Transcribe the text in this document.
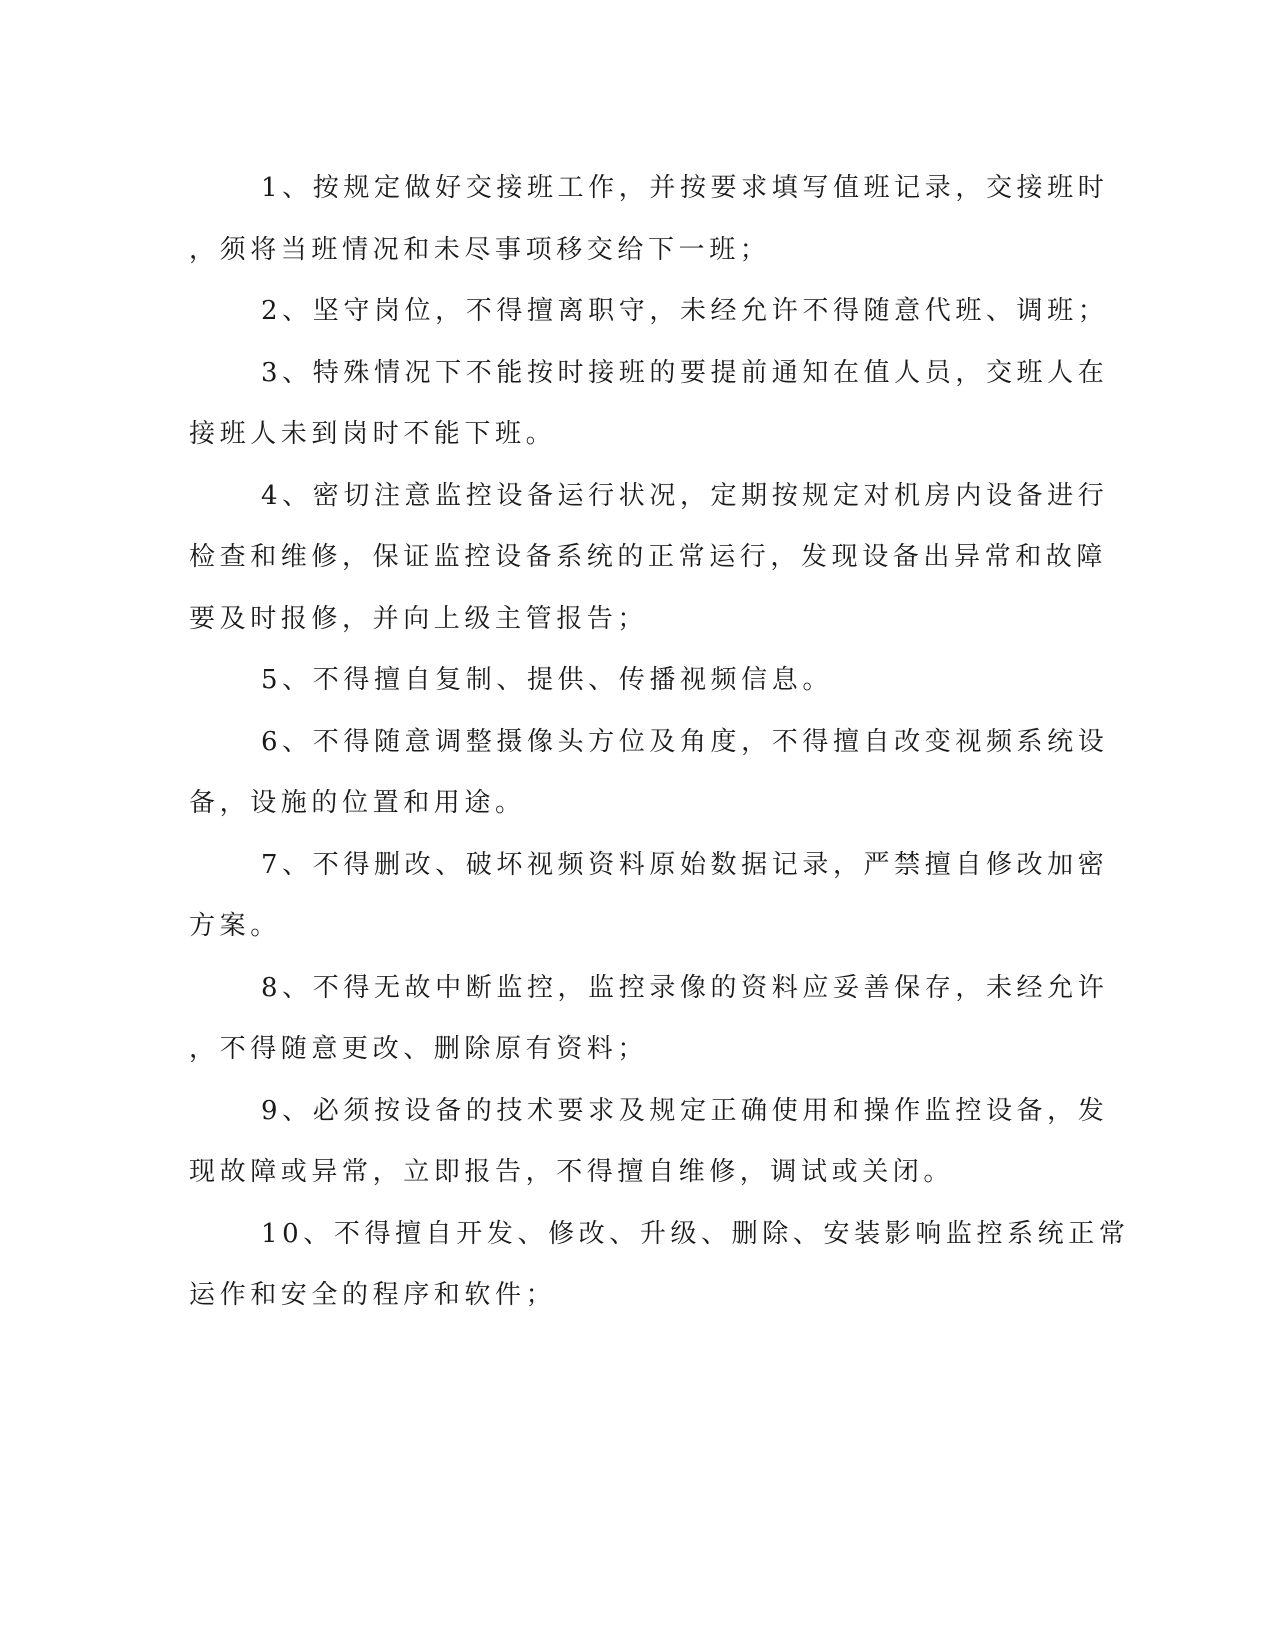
1、按规定做好交接班工作，并按要求填写值班记录，交接班时
，须将当班情况和未尽事项移交给下一班；
2、坚守岗位，不得擅离职守，未经允许不得随意代班、调班；
3、特殊情况下不能按时接班的要提前通知在值人员，交班人在
接班人未到岗时不能下班。
4、密切注意监控设备运行状况，定期按规定对机房内设备进行
检查和维修，保证监控设备系统的正常运行，发现设备出异常和故障
要及时报修，并向上级主管报告；
5、不得擅自复制、提供、传播视频信息。
6、不得随意调整摄像头方位及角度，不得擅自改变视频系统设
备，设施的位置和用途。
7、不得删改、破坏视频资料原始数据记录，严禁擅自修改加密
方案。
8、不得无故中断监控，监控录像的资料应妥善保存，未经允许
，不得随意更改、删除原有资料；
9、必须按设备的技术要求及规定正确使用和操作监控设备，发
现故障或异常，立即报告，不得擅自维修，调试或关闭。
10、不得擅自开发、修改、升级、删除、安装影响监控系统正常
运作和安全的程序和软件；
